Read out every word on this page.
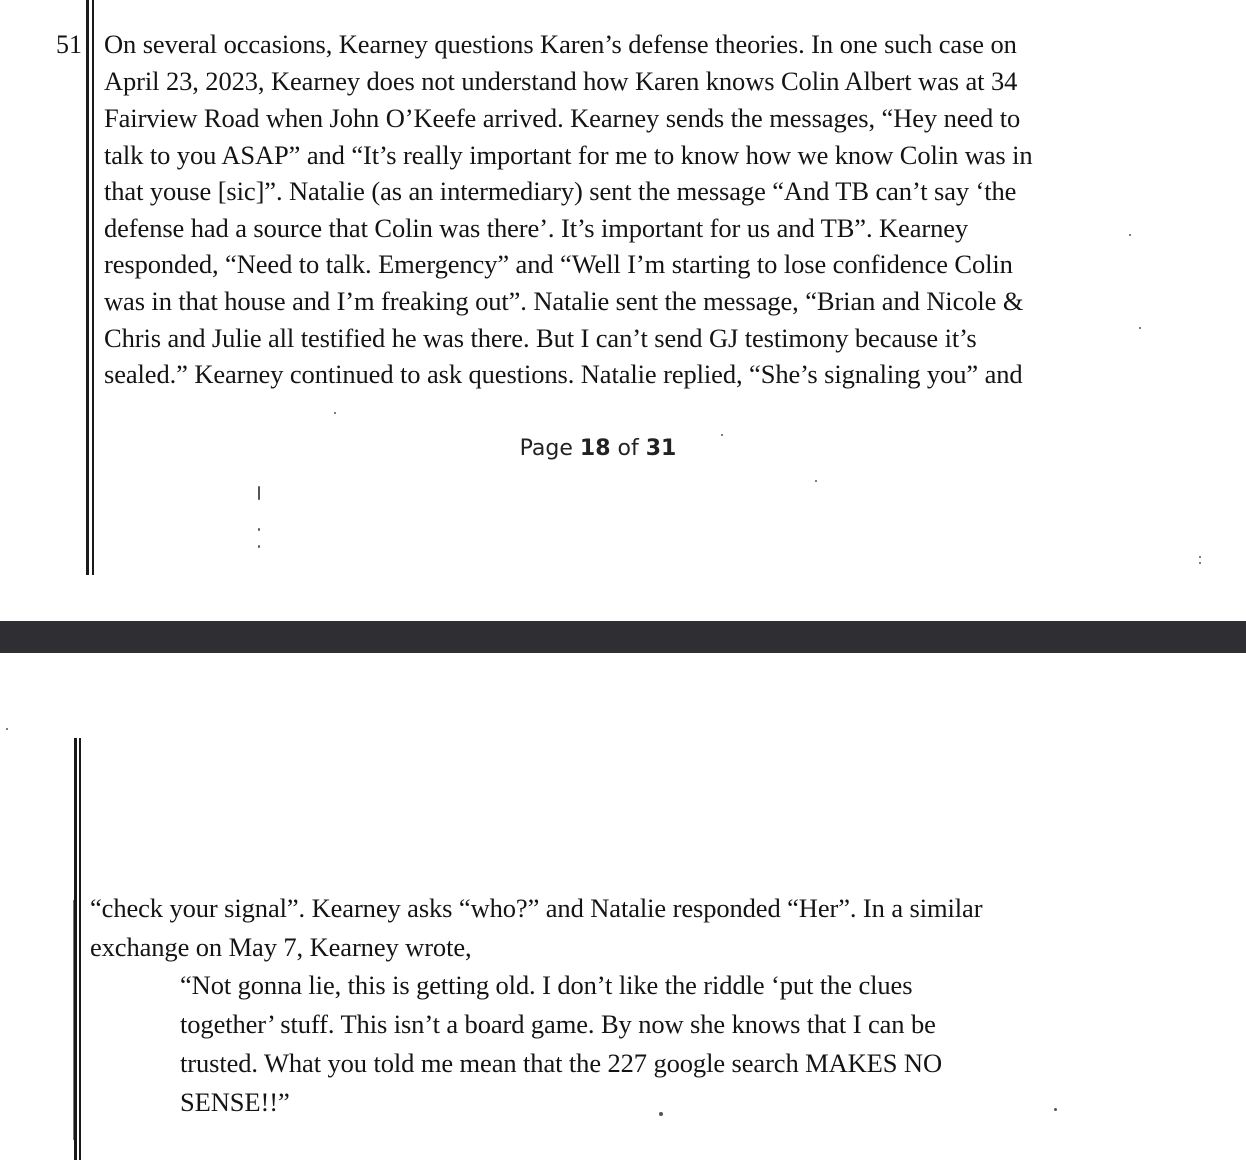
51 On several occasions, Kearney questions Karen’s defense theories. In one such case on
April 23, 2023, Kearney does not understand how Karen knows Colin Albert was at 34
Fairview Road when John O’Keefe arrived. Kearney sends the messages, “Hey need to
talk to you ASAP” and “It’s really important for me to know how we know Colin was in
that youse [sic]”. Natalie (as an intermediary) sent the message “And TB can’t say ‘the
defense had a source that Colin was there’. It’s important for us and TB”. Kearney
responded, “Need to talk. Emergency” and “Well I’m starting to lose confidence Colin
was in that house and I’m freaking out”. Natalie sent the message, “Brian and Nicole &
Chris and Julie all testified he was there. But I can’t send GJ testimony because it’s
sealed.” Kearney continued to ask questions. Natalie replied, “She’s signaling you” and
Page 18 of 31
“check your signal”. Kearney asks “who?” and Natalie responded “Her”. In a similar
exchange on May 7, Kearney wrote,
“Not gonna lie, this is getting old. I don’t like the riddle ‘put the clues
together’ stuff. This isn’t a board game. By now she knows that I can be
trusted. What you told me mean that the 227 google search MAKES NO
SENSE!!”
